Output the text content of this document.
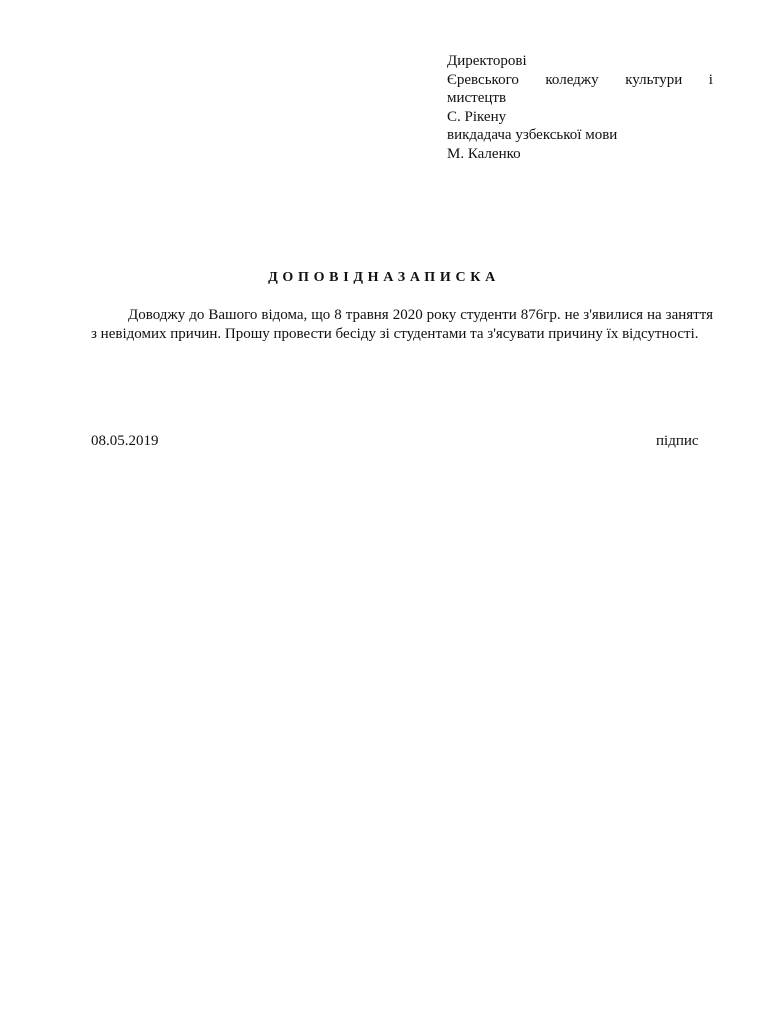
Директорові
Єревського коледжу культури і
мистецтв
С. Рікену
викдадача узбекської мови
М. Каленко
ДОПОВІДНАЗАПИСКА
Доводжу до Вашого відома, що 8 травня 2020 року студенти 876гр. не з'явилися на заняття з невідомих причин. Прошу провести бесіду зі студентами та з'ясувати причину їх відсутності.
08.05.2019	підпис
